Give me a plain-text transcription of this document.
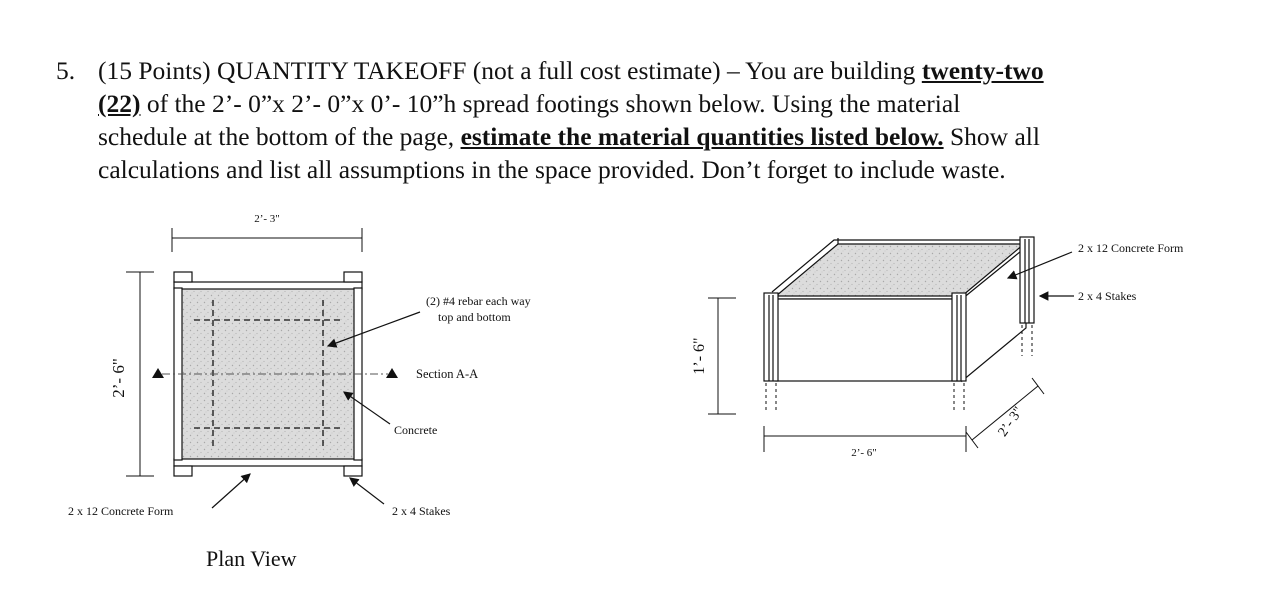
5. (15 Points) QUANTITY TAKEOFF (not a full cost estimate) – You are building twenty-two
(22) of the 2’- 0”x 2’- 0”x 0’- 10”h spread footings shown below. Using the material
schedule at the bottom of the page, estimate the material quantities listed below. Show all
calculations and list all assumptions in the space provided. Don’t forget to include waste.
2’- 3"
2’- 6"	Section A-A
(2) #4 rebar each way
top and bottom
Concrete
2 x 12 Concrete Form	2 x 4 Stakes
Plan View
1’- 6"
2’- 6"
2’- 3"
2 x 12 Concrete Form
2 x 4 Stakes
